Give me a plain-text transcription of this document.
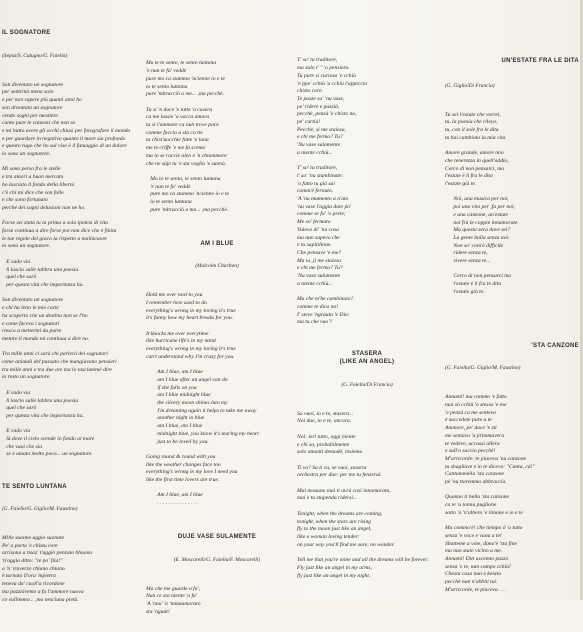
IL SOGNATORE

(Sepsa/S. Cutugno/G. Faiella)

Son diventato un sognatore
per sentirmi meno solo
e per non sapere più quanti anni ho
son diventato un sognatore
vendo sogni per mestiere
canto pure le canzoni che non so
e mi butto avere gli occhi chiusi per fotografare il mondo
e per guardare in negativo quanto il mare sia profondo
e questo rugo che ho sul viso è il fatuaggio di un dolore
io sono un sognatore.

Mi sono perso fra le stelle
e tra amori a buon mercato
ho lasciato il fondo della libertà
c'è chi mi dice che son folle
e che sono fortunato
perché dei sogni delusioni non ne ho.

Forse sei stata tu la prima a sola ipotesi di vita
forse continua a dire forse poi non dice che è finita
le tue regole del gioco la rispetto a malincuore
io sono un sognatore.

E vado via
lì lascio sulle labbra una poesia
quel che sarò
per questa vita che importanza ha.

Son diventato un sognatore
e chi ha letto le mie carte
ha scoperto che un destino non se l'ho
e come faceva i sognatori
riesco a mettermi da parte
mentre il mondo mi continua a dire no.

Tra mille anni ci sarà chi parlerà dei sognatori
come animali del passato che mangiavano pensieri
tra mille anni e tra due ore ma lo tasciatemè dire
io resto un sognatore.

E vado via
lì lascio sulle labbra una poesia
quel che sarò
per questa vita che importanza ha.

E vado via
là dove il cielo scende in fondo al mare
che vuoi che sia
se è amato molto poco... un sognatore.

TE SENTO LUNTANA

(G. Faiella/G. Giglio/M. Faustino)

Mille suonne aggio suonate
Pe' a porta 'e chistu core
arrisona a tisaz' t'aggiò penzato bbuono
'n'aggio ditto: "te po' fila!"
a 'n' traverzo chiano chiano
è turnato ll'ora 'mpietra
teneva da' cuoll'a ricordone
ma pazziàvemo a fa l'ammore nuova
co vullimmo... ,ma nesciuna pietà.

Mu te te sento, te sento luntana
'e nun te fa' veddè
pure mo ca stammo 'ncienne io e te
io te sento luntana
pure 'mbracciò a me... ,ma pecchè.

Tu si 'n doce 'e tutte 'a casera
ca me lassie 'a vocca amara
tu si l'ammore ca nun trove pace
comme faccio a stà co tte
tu chist'uocchie fatte 'e luna
me te criffe 'e me fa scemo
ma io se raccie alen e 'n chiammore
che ne sàje tu 'e sta voglia 'e sunnà.

Mo io te sento, te sento luntana
'e nun te fa' veddè
pure mo ca stammo 'ncienne io e te
io te sento luntana
pure 'mbracciò a me... ,ma pecchè.

AM I BLUE

(Malcolm Charlton)

Hold me over next to you
I remember how used to do
everything's wrong in my loving it's true
it's funny how my heart breaks for you.

It knocks me over everytime
like hurricane life's in my mind
everything's wrong in my loving it's true
can't understand why I'm crazy for you.

Am I blue, am I blue
am I blue after an angel can do
if she falls on you
am I blue midnight blue
the silvery moon shines into my
I'm dreaming again it helps to take me away
another night in blue
am I blue, am I blue
midnight blue, you know it's tearing my heart
just to be loved by you.

Going round & round with you
like the weather changes face too
everything's wrong in my love I need you
like the first time lovers are true.

Am I blue, am I blue
. . . . . . . . . . . . . . .

DUJE VASE SULAMENTE

(E. Moscarelli/G. Faiella/F. Moscarelli)

Ma che me guarde a fa',
Nun ce sta niente 'a fa'
'A 'nnu' 'o 'mmaumorato
sta 'nguàt!

T' so' tu traditore,
ma sulo t' " 'o pensiero.
Tu pure si curiosa 'e cchiù
'e ppe' cchiù 'a cchiù l'appiccio
chisto core.
Te pozze sa' 'nu vase,
pe' ridere e pazzià,
pecchè, penzà 'e chisto no,
pe' curtià!
Pecchè, si me staiesa,
e chi me ferma? Tu?
'Nu vase sulamente
a niente cchiù...

T' so' tu traditore,
t' so' 'nu stumbinate:
'o fatto tu già sai
comm'è fernuto.
'A 'nu mumento a n'ato
'nu vase l'aggia date po'
comme se fa' 'o prete;
Me so' fermato
Vulevo di' 'na cosa
ma nun sapevo che
e tu sapitilione.
Che pensave 'e me?
Ma io, ji me staiesa
e chi me ferma? Tu?
'Nu vase sulamente
a niente cchiù...

Ma che m'he cumbinato?
comme te dico no!
I' steve 'ngrauta 'e Dio:
ma tu che vuo'?

STASERA
(LIKE AN ANGEL)

(G. Faiella/Di Francia)

So vuoi, io e te, stasera...
Noi due, io e te, ancora.

Noi: ieri tutto, oggi niente
e chi sa, probabilmente
solo amanti demodè, insieme.

Ti va? Sa ti va, se vuoi, stasera
orchestra per due: per me tu fenzerai.

Mai nessuno mai ti avrà così innamorata,
mai e tu stupenda ridersi...

Tonight, when the dreams are coming,
tonight, when the stars are rising
fly to the moon just like an angel,
like a woman loving tender:
on your way you'll find me sure, no wonder.

Tell me that you're mine and all the dreams will be forever.
Fly just like an angel in my arms,
fly just like an angel in my night.

UN'ESTATE FRA LE DITA

(G. Giglio/Di Francia)

Tu sei l'estate che vorrei,
tu, la poesia che rileyo,
tu, con il sole fra le dita
tu hai cambiato la mia vita.

Amore grande, amore mio
che tenerezza in quell'addio,
Cerco di non pensarci, ma
l'estate è li fra le dita
l'estate già te.

Noi, una musica per noi,
poi una vita per ,fa per noi,
e una canzone, un'estate
noi frà le coppie innamorate.
Ma questa sera dove sei?
La gente balla senza noi.
Non so' com'è difficile
ridere senza te,
vivere senza te...

Cerco di non pensarci ma
l'estate è lì fra le dita
l'estate già te.

'STA CANZONE

(G. Faiella/G. Giglio/M. Faustino)

Annamì! ma commo 'e fatto
nun sò cchiù 'o stesso 'e me
'e penzà ca me sentevo
è succedete pure a te
Ammore, pe' doce 'e sti
me sentava 'a primmavera
te vedeve, accussì allèra
e sull'o saccio pecchè!
M'arricorde: te piaceva 'na canzone
tu sbagliave e io te dicevo: "Canta, cà!"
Cantammella 'sta canzone
pè 'nu ttaremmo abbraccià.

Quanno ti bella 'sta canzone
ca te 'a tonna puglione
sotto 'a 'n'albero 'e limone e io e te

Ma commo'è! che tiempo ô 'a tutto
senza 'e voce e vuou a te!
Sbatteme a vòte, dimo'è 'sta fine
ma nun staie vicino a me.
Annamì! Ditt ascenno pazzò
senza 'e te, nun campo cchiù!
Chesta casa nun è keiata
pecchè nun n'abbiti tuì.
M'arricorde, te piaceva . . .
